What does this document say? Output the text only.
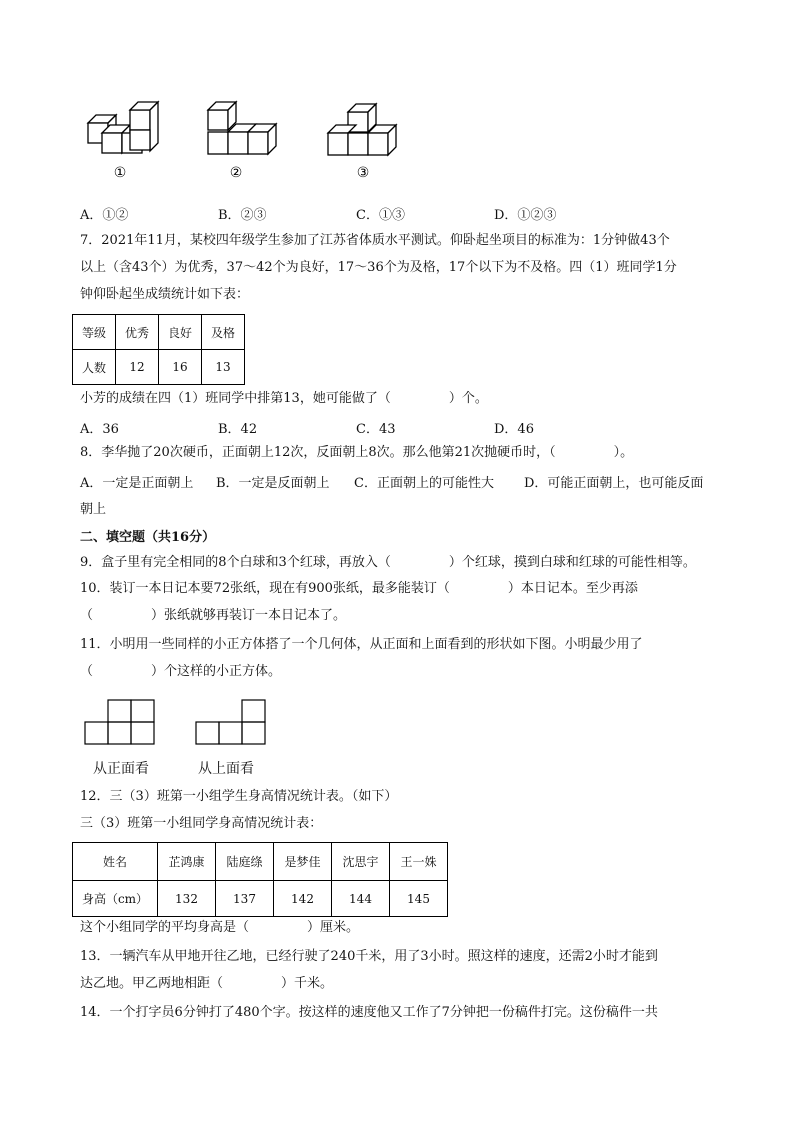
①	②	③
A．①②	B．②③	C．①③	D．①②③
7．2021年11月，某校四年级学生参加了江苏省体质水平测试。仰卧起坐项目的标准为：1分钟做43个
以上（含43个）为优秀，37～42个为良好，17～36个为及格，17个以下为不及格。四（1）班同学1分
钟仰卧起坐成绩统计如下表：
等级	优秀	良好	及格
人数	12	16	13
小芳的成绩在四（1）班同学中排第13，她可能做了（	）个。
A．36	B．42	C．43	D．46
8．李华抛了20次硬币，正面朝上12次，反面朝上8次。那么他第21次抛硬币时，（	）。
A．一定是正面朝上 B．一定是反面朝上 C．正面朝上的可能性大 D．可能正面朝上，也可能反面
朝上
二、填空题（共16分）
9．盒子里有完全相同的8个白球和3个红球，再放入（	）个红球，摸到白球和红球的可能性相等。
10．装订一本日记本要72张纸，现在有900张纸，最多能装订（	）本日记本。至少再添
（	）张纸就够再装订一本日记本了。
11．小明用一些同样的小正方体搭了一个几何体，从正面和上面看到的形状如下图。小明最少用了
（	）个这样的小正方体。
从正面看	从上面看
12．三（3）班第一小组学生身高情况统计表。（如下）
三（3）班第一小组同学身高情况统计表：
姓名	芷鸿康	陆庭绦	是梦佳	沈思宇	王一姝
身高（cm）	132	137	142	144	145
这个小组同学的平均身高是（	）厘米。
13．一辆汽车从甲地开往乙地，已经行驶了240千米，用了3小时。照这样的速度，还需2小时才能到
达乙地。甲乙两地相距（	）千米。
14．一个打字员6分钟打了480个字。按这样的速度他又工作了7分钟把一份稿件打完。这份稿件一共
